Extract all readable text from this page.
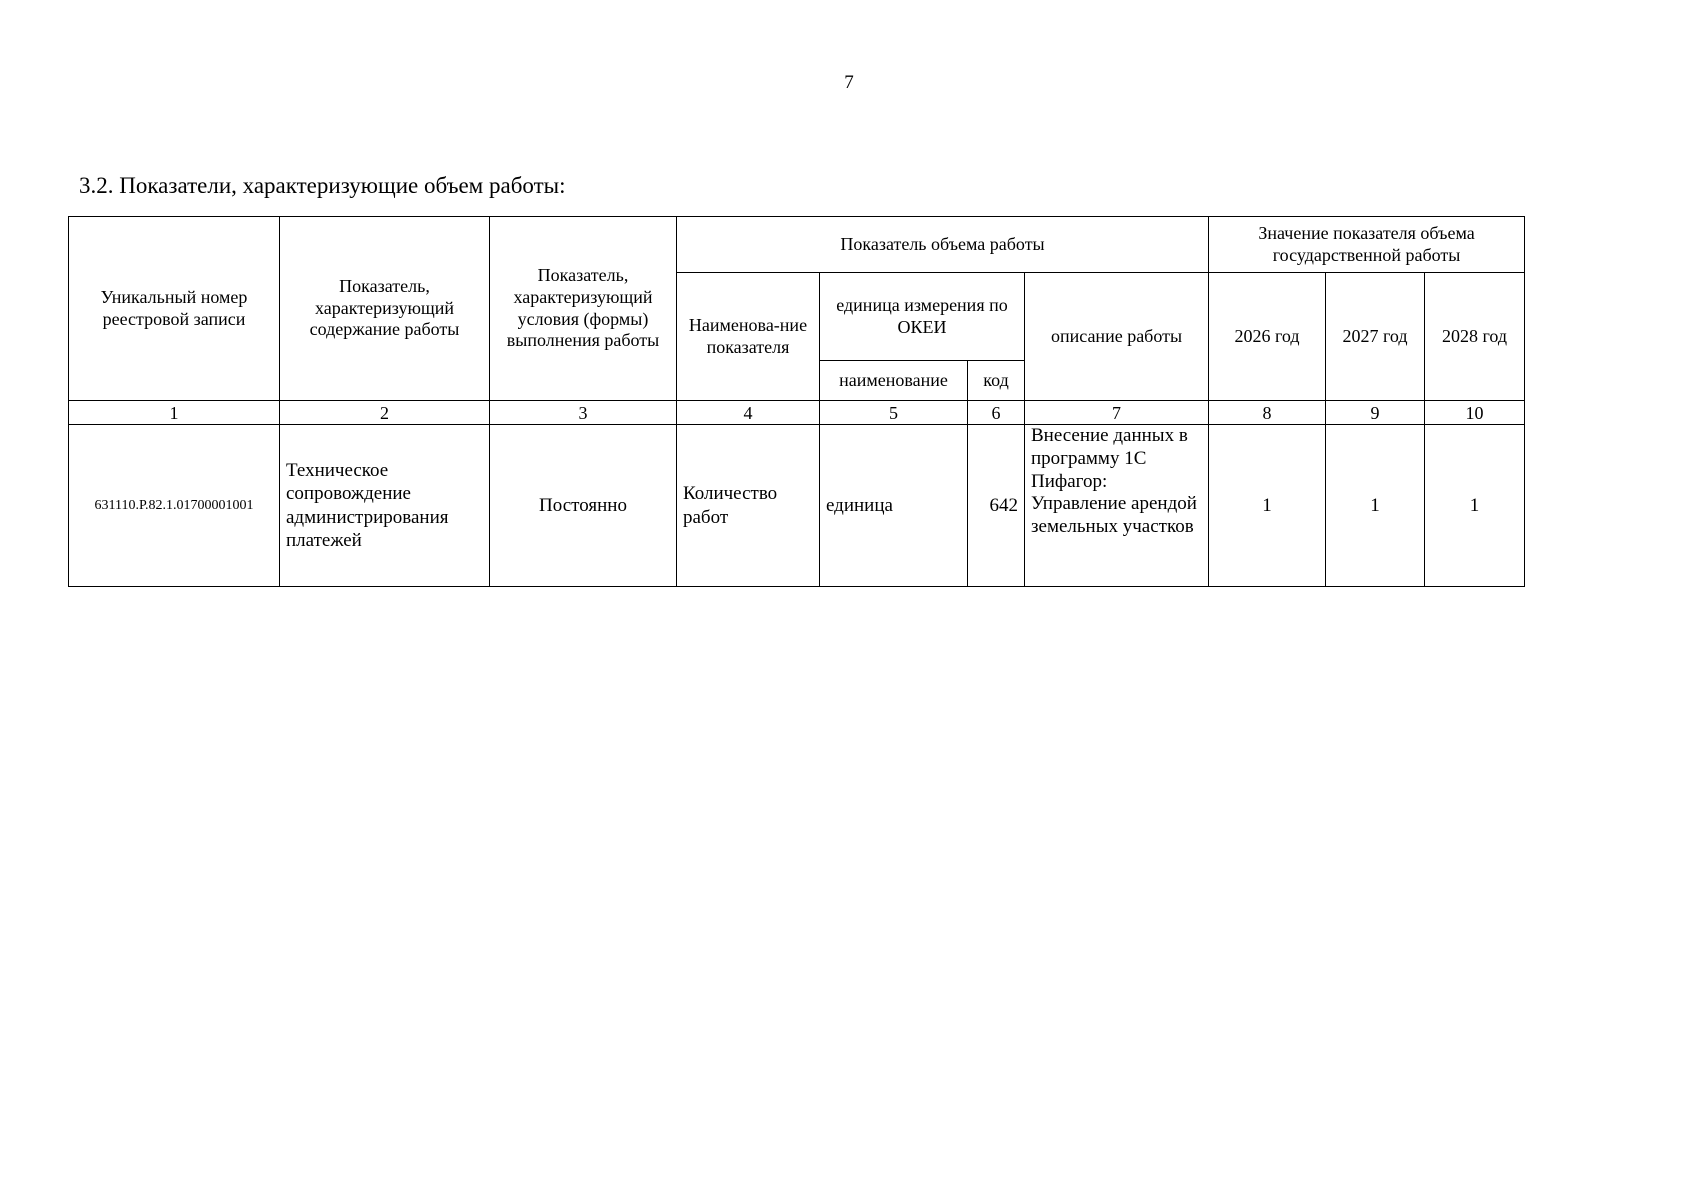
7
3.2. Показатели, характеризующие объем работы:
Уникальный номер реестровой записи	Показатель, характеризующий содержание работы	Показатель, характеризующий условия (формы) выполнения работы	Показатель объема работы				Значение показателя объема государственной работы		
			Наименова-ние показателя	единица измерения по ОКЕИ		описание работы	2026 год	2027 год	2028 год
				наименование	код				
1	2	3	4	5	6	7	8	9	10
631110.Р.82.1.01700001001	Техническое сопровождение администрирования платежей	Постоянно	Количество работ	единица	642	Внесение данных в программу 1С Пифагор: Управление арендой земельных участков	1	1	1
